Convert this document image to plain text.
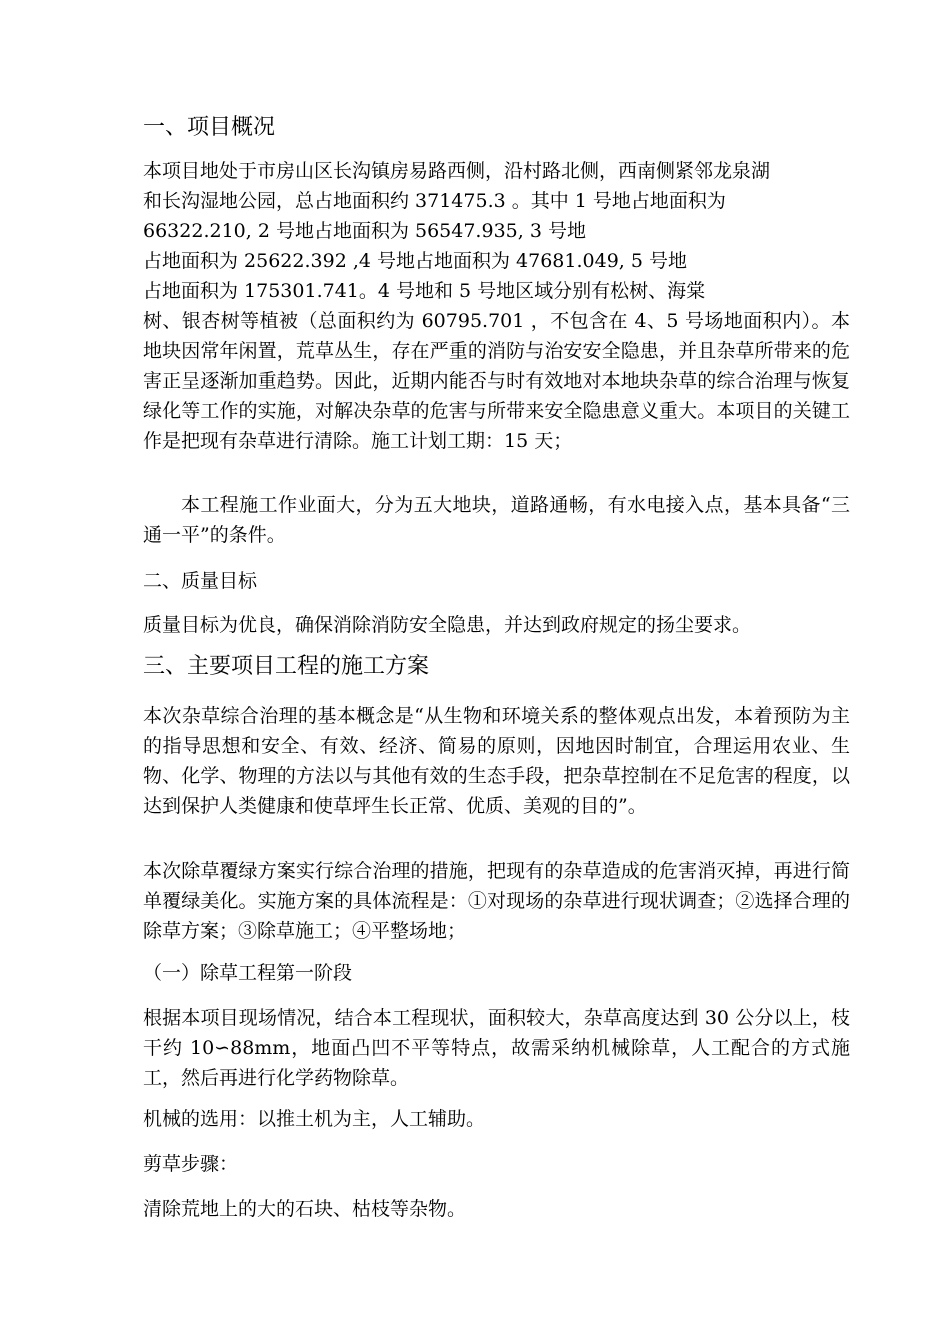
一、项目概况
本项目地处于市房山区长沟镇房易路西侧，沿村路北侧，西南侧紧邻龙泉湖
和长沟湿地公园，总占地面积约 371475.3 。其中 1 号地占地面积为
66322.210, 2 号地占地面积为 56547.935, 3 号地
占地面积为 25622.392 ,4 号地占地面积为 47681.049, 5 号地
占地面积为 175301.741。4 号地和 5 号地区域分别有松树、海棠

树、银杏树等植被（总面积约为 60795.701 ，不包含在 4、5 号场地面积内）。本地块因常年闲置，荒草丛生，存在严重的消防与治安安全隐患，并且杂草所带来的危害正呈逐渐加重趋势。因此，近期内能否与时有效地对本地块杂草的综合治理与恢复绿化等工作的实施，对解决杂草的危害与所带来安全隐患意义重大。本项目的关键工作是把现有杂草进行清除。施工计划工期：15 天；

本工程施工作业面大，分为五大地块，道路通畅，有水电接入点，基本具备“三通一平”的条件。

二、质量目标

质量目标为优良，确保消除消防安全隐患，并达到政府规定的扬尘要求。

三、主要项目工程的施工方案

本次杂草综合治理的基本概念是“从生物和环境关系的整体观点出发，本着预防为主的指导思想和安全、有效、经济、简易的原则，因地因时制宜，合理运用农业、生物、化学、物理的方法以与其他有效的生态手段，把杂草控制在不足危害的程度，以达到保护人类健康和使草坪生长正常、优质、美观的目的”。

本次除草覆绿方案实行综合治理的措施，把现有的杂草造成的危害消灭掉，再进行简单覆绿美化。实施方案的具体流程是：①对现场的杂草进行现状调查；②选择合理的除草方案；③除草施工；④平整场地；

（一）除草工程第一阶段

根据本项目现场情况，结合本工程现状，面积较大，杂草高度达到 30 公分以上，枝干约 10∽88mm，地面凸凹不平等特点，故需采纳机械除草，人工配合的方式施工，然后再进行化学药物除草。

机械的选用：以推土机为主，人工辅助。

剪草步骤：

清除荒地上的大的石块、枯枝等杂物。
